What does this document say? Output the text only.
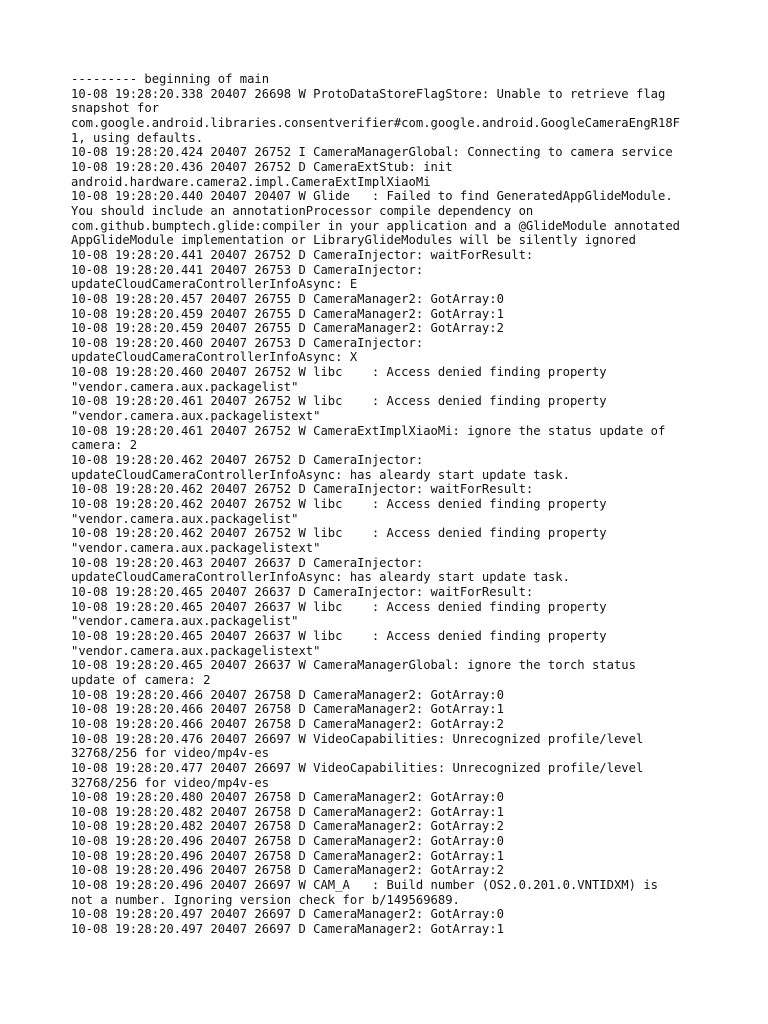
--------- beginning of main
10-08 19:28:20.338 20407 26698 W ProtoDataStoreFlagStore: Unable to retrieve flag
snapshot for
com.google.android.libraries.consentverifier#com.google.android.GoogleCameraEngR18F
1, using defaults.
10-08 19:28:20.424 20407 26752 I CameraManagerGlobal: Connecting to camera service
10-08 19:28:20.436 20407 26752 D CameraExtStub: init
android.hardware.camera2.impl.CameraExtImplXiaoMi
10-08 19:28:20.440 20407 20407 W Glide   : Failed to find GeneratedAppGlideModule.
You should include an annotationProcessor compile dependency on
com.github.bumptech.glide:compiler in your application and a @GlideModule annotated
AppGlideModule implementation or LibraryGlideModules will be silently ignored
10-08 19:28:20.441 20407 26752 D CameraInjector: waitForResult:
10-08 19:28:20.441 20407 26753 D CameraInjector:
updateCloudCameraControllerInfoAsync: E
10-08 19:28:20.457 20407 26755 D CameraManager2: GotArray:0
10-08 19:28:20.459 20407 26755 D CameraManager2: GotArray:1
10-08 19:28:20.459 20407 26755 D CameraManager2: GotArray:2
10-08 19:28:20.460 20407 26753 D CameraInjector:
updateCloudCameraControllerInfoAsync: X
10-08 19:28:20.460 20407 26752 W libc    : Access denied finding property
"vendor.camera.aux.packagelist"
10-08 19:28:20.461 20407 26752 W libc    : Access denied finding property
"vendor.camera.aux.packagelistext"
10-08 19:28:20.461 20407 26752 W CameraExtImplXiaoMi: ignore the status update of
camera: 2
10-08 19:28:20.462 20407 26752 D CameraInjector:
updateCloudCameraControllerInfoAsync: has aleardy start update task.
10-08 19:28:20.462 20407 26752 D CameraInjector: waitForResult:
10-08 19:28:20.462 20407 26752 W libc    : Access denied finding property
"vendor.camera.aux.packagelist"
10-08 19:28:20.462 20407 26752 W libc    : Access denied finding property
"vendor.camera.aux.packagelistext"
10-08 19:28:20.463 20407 26637 D CameraInjector:
updateCloudCameraControllerInfoAsync: has aleardy start update task.
10-08 19:28:20.465 20407 26637 D CameraInjector: waitForResult:
10-08 19:28:20.465 20407 26637 W libc    : Access denied finding property
"vendor.camera.aux.packagelist"
10-08 19:28:20.465 20407 26637 W libc    : Access denied finding property
"vendor.camera.aux.packagelistext"
10-08 19:28:20.465 20407 26637 W CameraManagerGlobal: ignore the torch status
update of camera: 2
10-08 19:28:20.466 20407 26758 D CameraManager2: GotArray:0
10-08 19:28:20.466 20407 26758 D CameraManager2: GotArray:1
10-08 19:28:20.466 20407 26758 D CameraManager2: GotArray:2
10-08 19:28:20.476 20407 26697 W VideoCapabilities: Unrecognized profile/level
32768/256 for video/mp4v-es
10-08 19:28:20.477 20407 26697 W VideoCapabilities: Unrecognized profile/level
32768/256 for video/mp4v-es
10-08 19:28:20.480 20407 26758 D CameraManager2: GotArray:0
10-08 19:28:20.482 20407 26758 D CameraManager2: GotArray:1
10-08 19:28:20.482 20407 26758 D CameraManager2: GotArray:2
10-08 19:28:20.496 20407 26758 D CameraManager2: GotArray:0
10-08 19:28:20.496 20407 26758 D CameraManager2: GotArray:1
10-08 19:28:20.496 20407 26758 D CameraManager2: GotArray:2
10-08 19:28:20.496 20407 26697 W CAM_A   : Build number (OS2.0.201.0.VNTIDXM) is
not a number. Ignoring version check for b/149569689.
10-08 19:28:20.497 20407 26697 D CameraManager2: GotArray:0
10-08 19:28:20.497 20407 26697 D CameraManager2: GotArray:1
